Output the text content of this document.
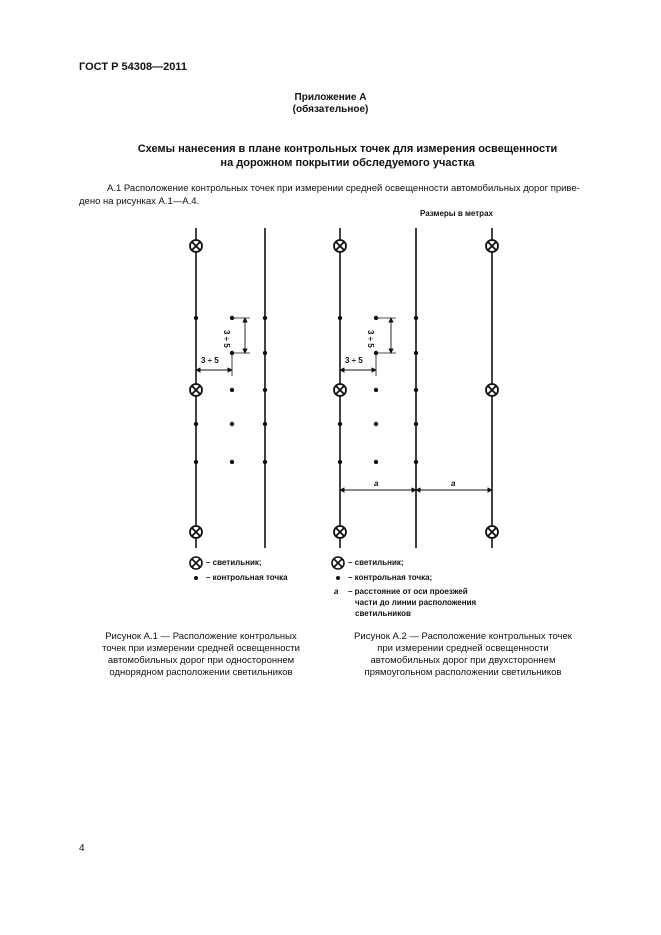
ГОСТ Р 54308—2011
Приложение А
(обязательное)
Схемы нанесения в плане контрольных точек для измерения освещенности
на дорожном покрытии обследуемого участка
А.1 Расположение контрольных точек при измерении средней освещенности автомобильных дорог приве-
дено на рисунках А.1—А.4.
Размеры в метрах
3 ÷ 5
3 ÷ 5
3 ÷ 5
3 ÷ 5
a	a
– светильник;
– контрольная точка
– светильник;
– контрольная точка;
a – расстояние от оси проезжей
части до линии расположения
светильников
Рисунок А.1 — Расположение контрольных
точек при измерении средней освещенности
автомобильных дорог при одностороннем
однорядном расположении светильников
Рисунок А.2 — Расположение контрольных точек
при измерении средней освещенности
автомобильных дорог при двухстороннем
прямоугольном расположении светильников
4
